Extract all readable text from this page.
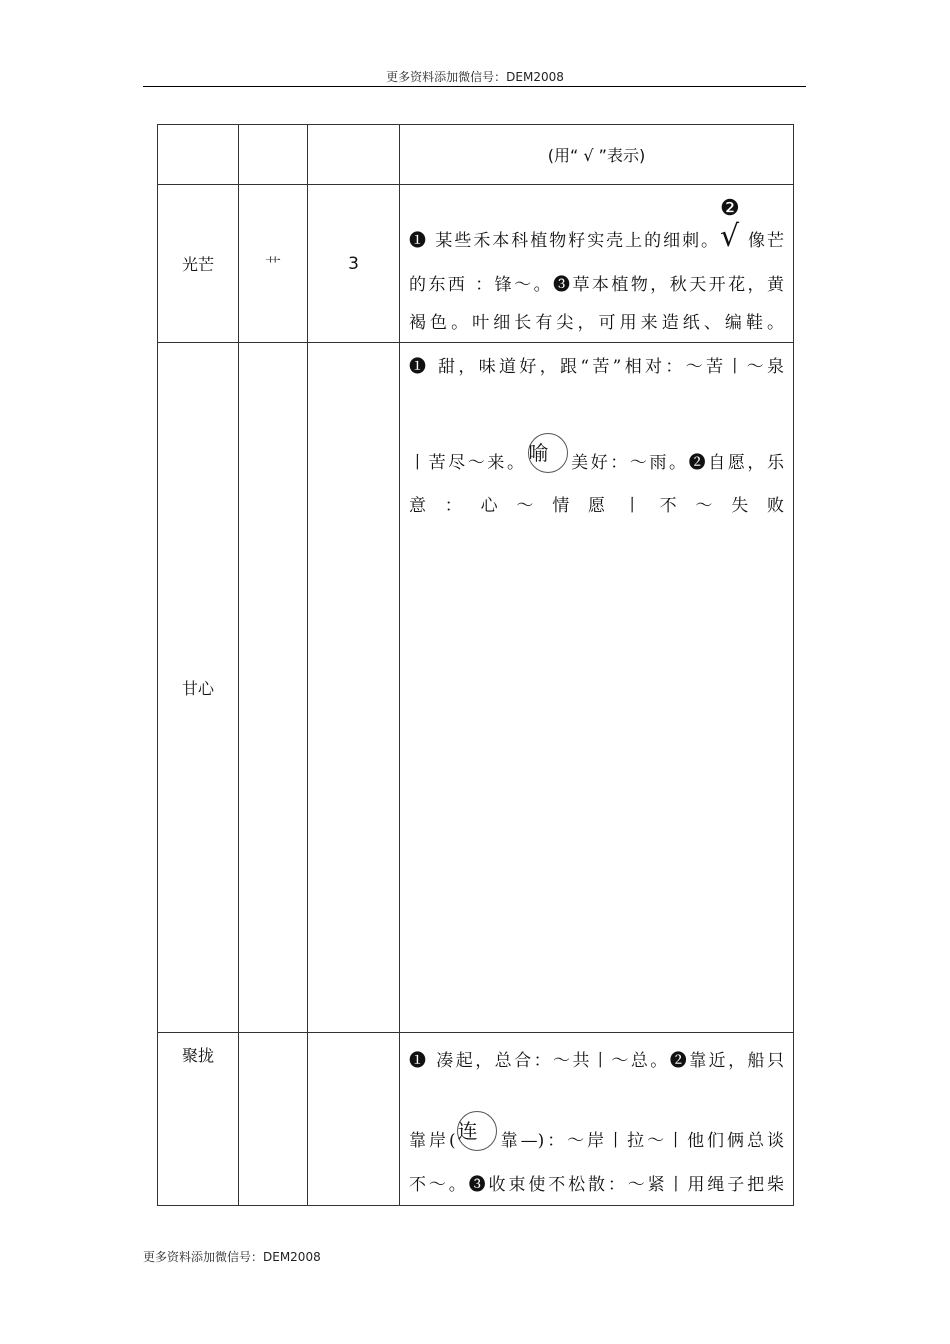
更多资料添加微信号：DEM2008
			(用“ √ ”表示)
光芒	艹	3	❶ 某些禾本科植物籽实壳上的细刺。
❷
√ 像芒
的东西 ：锋～。❸草本植物，秋天开花，黄
褐色。叶细长有尖，可用来造纸、编鞋。

甘心			❶ 甜，味道好，跟“苦”相对：～苦丨～泉
丨苦尽～来。 喻 美好：～雨。❷自愿，乐
意 ： 心 ～ 情 愿 丨 不 ～ 失 败

聚拢			❶ 凑起，总合：～共丨～总。❷靠近，船只
靠岸( 连 靠—)：～岸丨拉～丨他们俩总谈
不～。❸收束使不松散：～紧丨用绳子把柴
更多资料添加微信号：DEM2008
